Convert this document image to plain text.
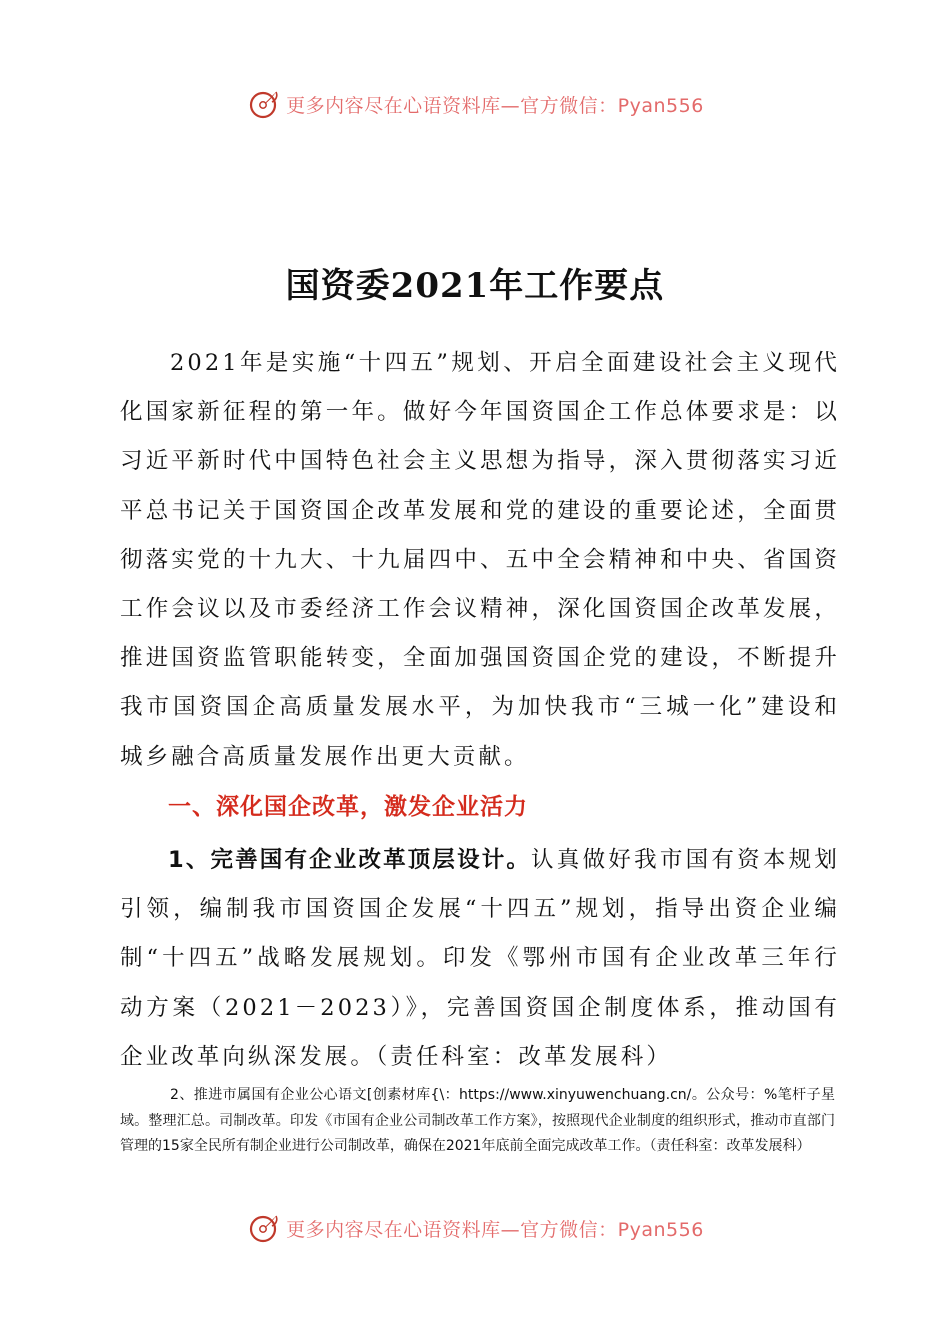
更多内容尽在心语资料库—官方微信：Pyan556
国资委2021年工作要点

2021年是实施“十四五”规划、开启全面建设社会主义现代化国家新征程的第一年。做好今年国资国企工作总体要求是：以习近平新时代中国特色社会主义思想为指导，深入贯彻落实习近平总书记关于国资国企改革发展和党的建设的重要论述，全面贯彻落实党的十九大、十九届四中、五中全会精神和中央、省国资工作会议以及市委经济工作会议精神，深化国资国企改革发展，推进国资监管职能转变，全面加强国资国企党的建设，不断提升我市国资国企高质量发展水平，为加快我市“三城一化”建设和城乡融合高质量发展作出更大贡献。

一、深化国企改革，激发企业活力

1、完善国有企业改革顶层设计。认真做好我市国有资本规划引领，编制我市国资国企发展“十四五”规划，指导出资企业编制“十四五”战略发展规划。印发《鄂州市国有企业改革三年行动方案（2021－2023）》，完善国资国企制度体系，推动国有企业改革向纵深发展。（责任科室：改革发展科）

2、推进市属国有企业公心语文[创素材库{\：https://www.xinyuwenchuang.cn/。公众号：%笔杆子星域。整理汇总。司制改革。印发《市国有企业公司制改革工作方案》，按照现代企业制度的组织形式，推动市直部门管理的15家全民所有制企业进行公司制改革，确保在2021年底前全面完成改革工作。（责任科室：改革发展科）

更多内容尽在心语资料库—官方微信：Pyan556
